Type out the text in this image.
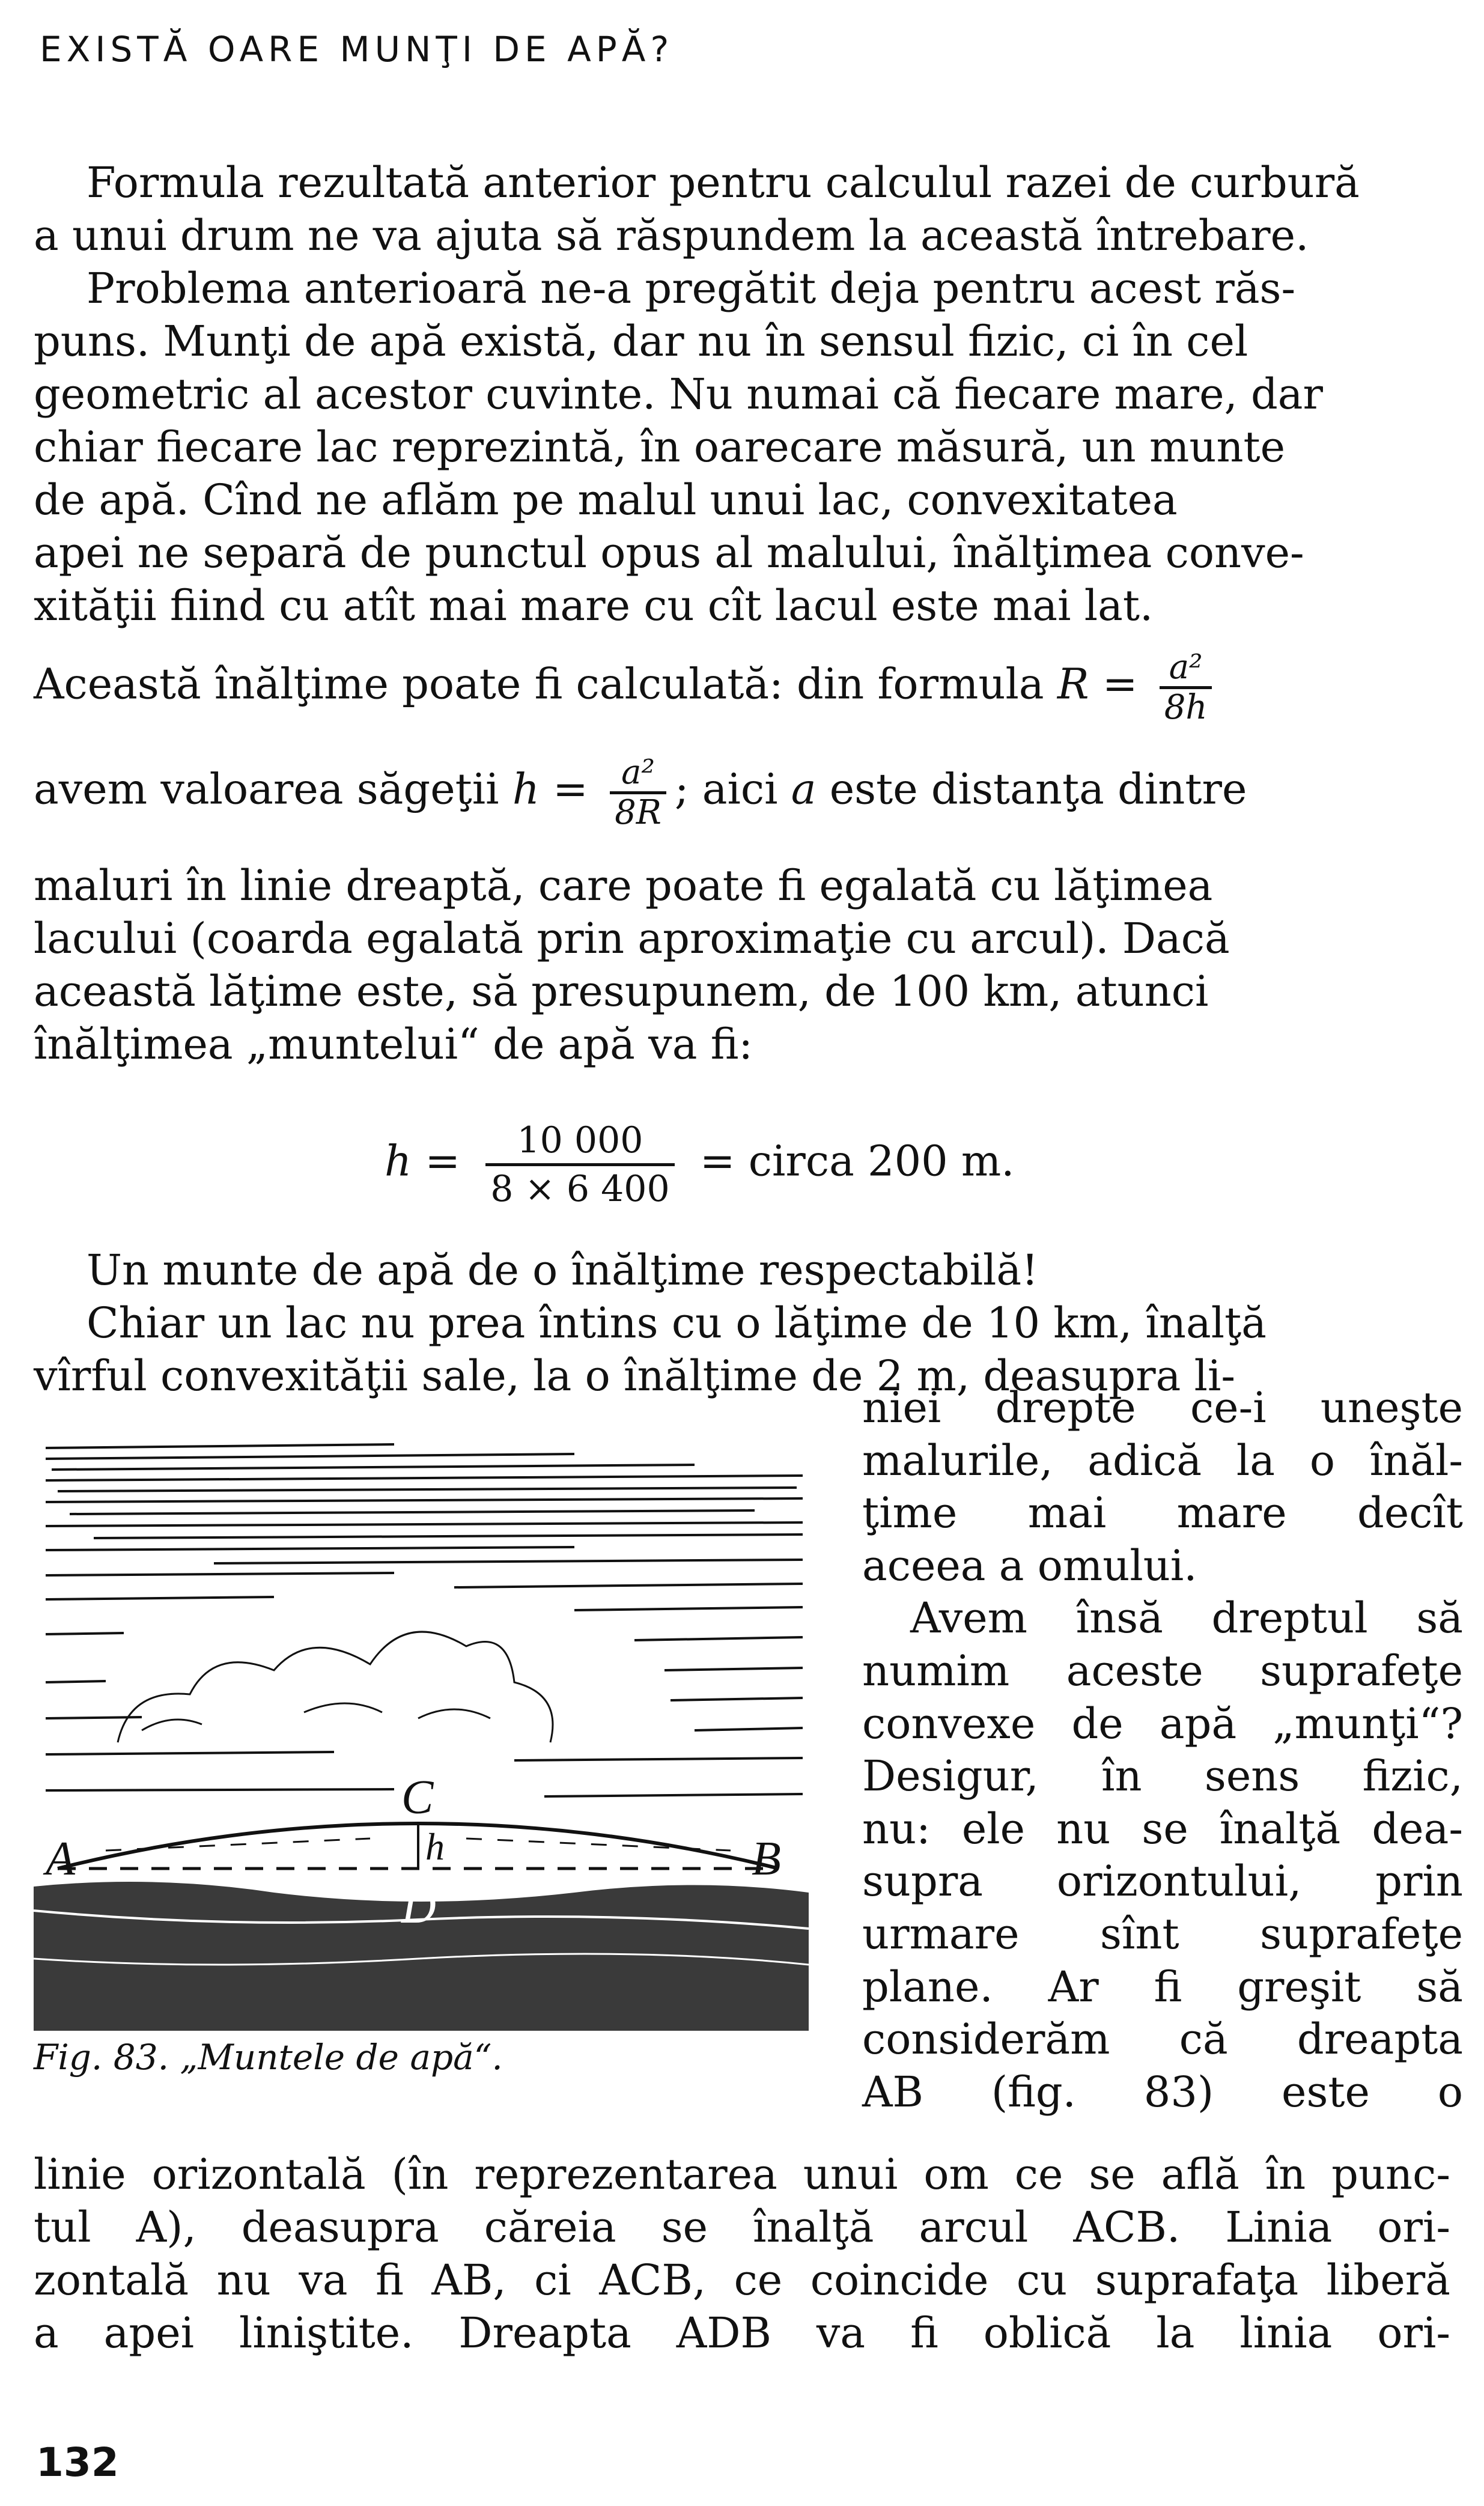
EXISTĂ OARE MUNŢI DE APĂ?

Formula rezultată anterior pentru calculul razei de curbură

a unui drum ne va ajuta să răspundem la această întrebare.

Problema anterioară ne-a pregătit deja pentru acest răs-

puns. Munţi de apă există, dar nu în sensul fizic, ci în cel

geometric al acestor cuvinte. Nu numai că fiecare mare, dar

chiar fiecare lac reprezintă, în oarecare măsură, un munte

de apă. Cînd ne aflăm pe malul unui lac, convexitatea

apei ne separă de punctul opus al malului, înălţimea conve-

xităţii fiind cu atît mai mare cu cît lacul este mai lat.

Această înălţime poate fi calculată: din formula $R = \frac{\text{a²}}{8h}$
avem valoarea săgeţii $h = \frac{\text{a²}}{8R}$ ; aici a este distanţa dintre

maluri în linie dreaptă, care poate fi egalată cu lăţimea

lacului (coarda egalată prin aproximaţie cu arcul). Dacă

această lăţime este, să presupunem, de 100 km, atunci

înălţimea „muntelui“ de apă va fi:

$h = \frac{10 000}{8 \times 6 400}$ = circa 200 m.

Un munte de apă de o înălţime respectabilă!

Chiar un lac nu prea întins cu o lăţime de 10 km, înalţă

vîrful convexităţii sale, la o înălţime de 2 m, deasupra li-

A	B
C
h
D
Fig. 83. „Muntele de apă“.

niei drepte ce-i uneşte

malurile, adică la o înăl-

ţime mai mare decît

aceea a omului.

Avem însă dreptul să

numim aceste suprafeţe

convexe de apă „munţi“?

Desigur, în sens fizic,

nu: ele nu se înalţă dea-

supra orizontului, prin

urmare sînt suprafeţe

plane. Ar fi greşit să

considerăm că dreapta

AB (fig. 83) este o

linie orizontală (în reprezentarea unui om ce se află în punc-

tul A), deasupra căreia se înalţă arcul ACB. Linia ori-

zontală nu va fi AB, ci ACB, ce coincide cu suprafaţa liberă

a apei liniştite. Dreapta ADB va fi oblică la linia ori-

132
